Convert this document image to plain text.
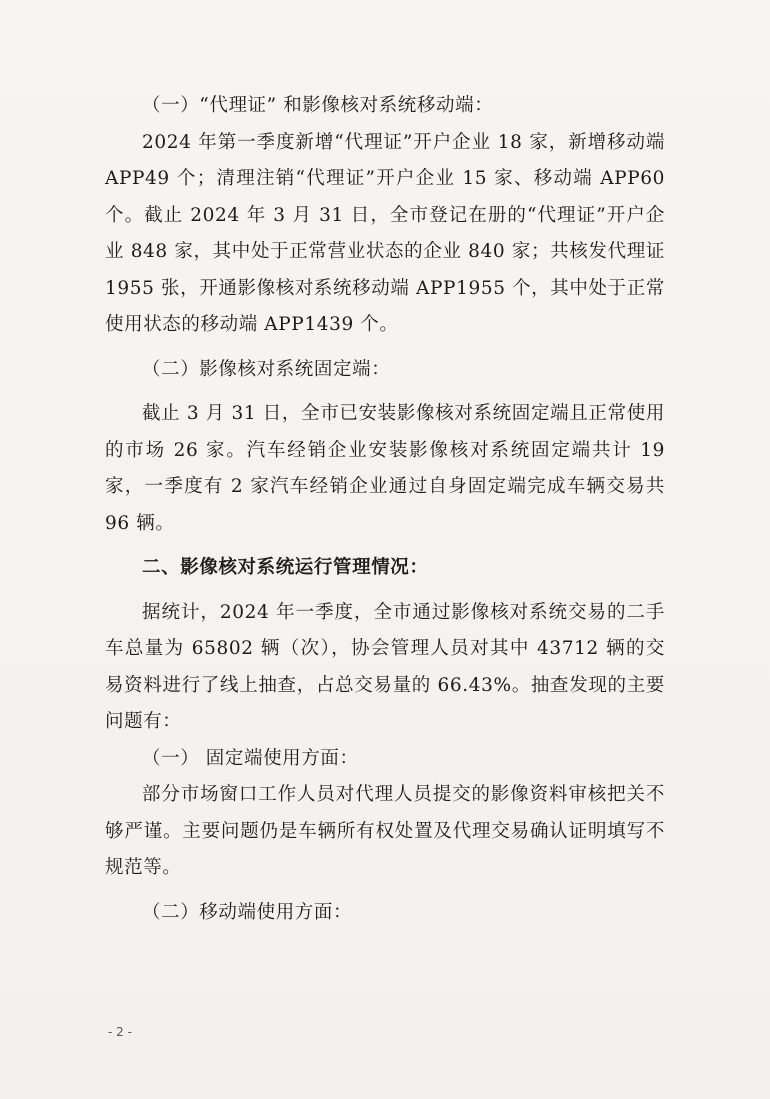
（一）“代理证” 和影像核对系统移动端：

2024 年第一季度新增“代理证”开户企业 18 家，新增移动端 APP49 个；清理注销“代理证”开户企业 15 家、移动端 APP60 个。截止 2024 年 3 月 31 日，全市登记在册的“代理证”开户企业 848 家，其中处于正常营业状态的企业 840 家；共核发代理证 1955 张，开通影像核对系统移动端 APP1955 个，其中处于正常使用状态的移动端 APP1439 个。

（二）影像核对系统固定端：

截止 3 月 31 日，全市已安装影像核对系统固定端且正常使用的市场 26 家。汽车经销企业安装影像核对系统固定端共计 19 家，一季度有 2 家汽车经销企业通过自身固定端完成车辆交易共 96 辆。

二、影像核对系统运行管理情况：

据统计，2024 年一季度，全市通过影像核对系统交易的二手车总量为 65802 辆（次），协会管理人员对其中 43712 辆的交易资料进行了线上抽查，占总交易量的 66.43%。抽查发现的主要问题有：

（一） 固定端使用方面：

部分市场窗口工作人员对代理人员提交的影像资料审核把关不够严谨。主要问题仍是车辆所有权处置及代理交易确认证明填写不规范等。

（二）移动端使用方面：

- 2 -
